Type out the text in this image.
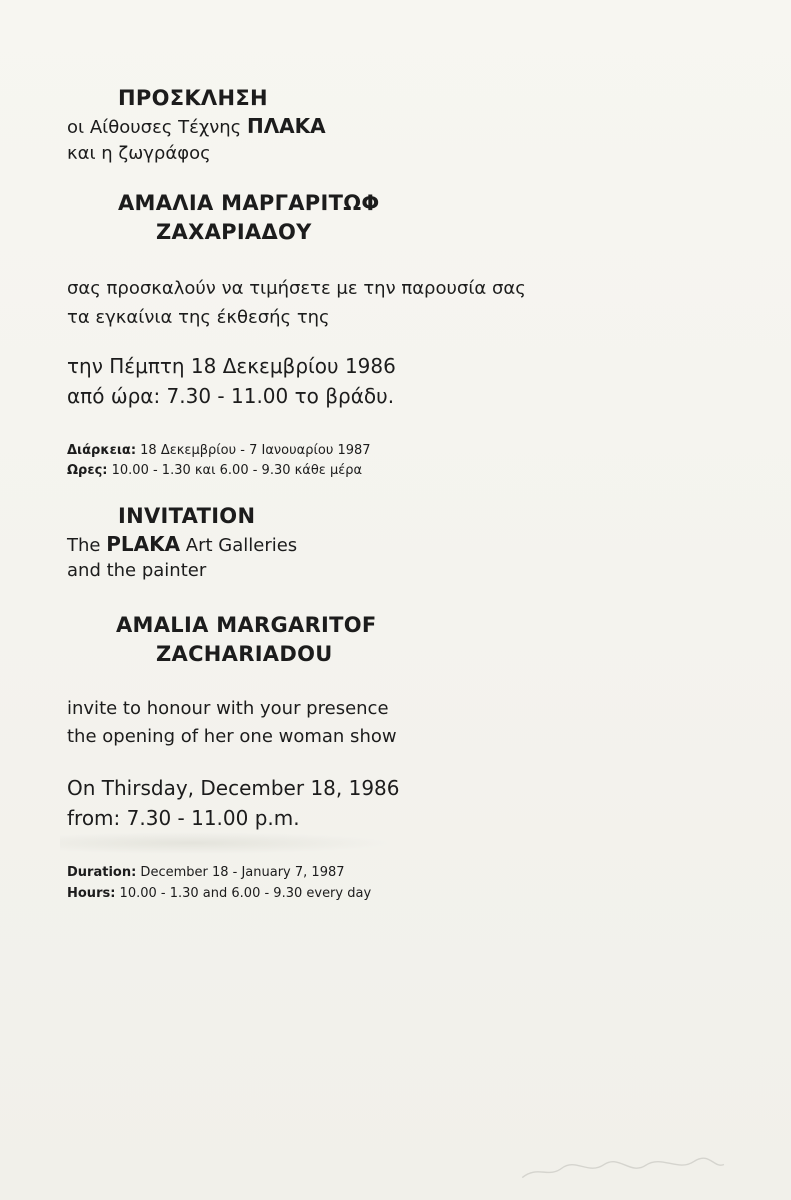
ΠΡΟΣΚΛΗΣΗ
οι Αίθουσες Τέχνης ΠΛΑΚΑ
και η ζωγράφος
ΑΜΑΛΙΑ ΜΑΡΓΑΡΙΤΩΦ
ΖΑΧΑΡΙΑΔΟΥ
σας προσκαλούν να τιμήσετε με την παρουσία σας
τα εγκαίνια της έκθεσής της
την Πέμπτη 18 Δεκεμβρίου 1986
από ώρα: 7.30 - 11.00 το βράδυ.
Διάρκεια: 18 Δεκεμβρίου - 7 Ιανουαρίου 1987
Ωρες: 10.00 - 1.30 και 6.00 - 9.30 κάθε μέρα
INVITATION
The PLAKA Art Galleries
and the painter
AMALIA MARGARITOF
ZACHARIADOU
invite to honour with your presence
the opening of her one woman show
On Thirsday, December 18, 1986
from: 7.30 - 11.00 p.m.
Duration: December 18 - January 7, 1987
Hours: 10.00 - 1.30 and 6.00 - 9.30 every day
